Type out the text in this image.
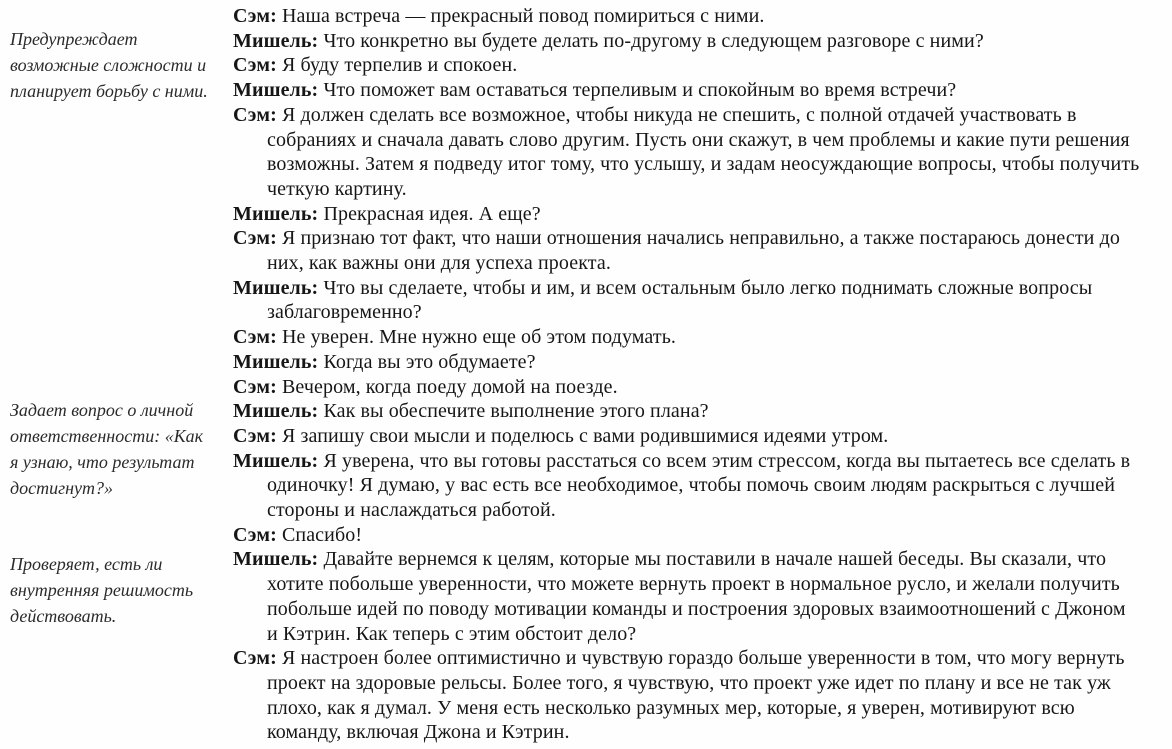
Предупреждает возможные сложности и планирует борьбу с ними.
Задает вопрос о личной ответственности: «Как я узнаю, что результат достигнут?»
Проверяет, есть ли внутренняя решимость действовать.

Сэм: Наша встреча — прекрасный повод помириться с ними.

Мишель: Что конкретно вы будете делать по-другому в следующем разговоре с ними?

Сэм: Я буду терпелив и спокоен.

Мишель: Что поможет вам оставаться терпеливым и спокойным во время встречи?

Сэм: Я должен сделать все возможное, чтобы никуда не спешить, с полной отдачей участвовать в собраниях и сначала давать слово другим. Пусть они скажут, в чем проблемы и какие пути решения возможны. Затем я подведу итог тому, что услышу, и задам неосуждающие вопросы, чтобы получить четкую картину.

Мишель: Прекрасная идея. А еще?

Сэм: Я признаю тот факт, что наши отношения начались неправильно, а также постараюсь донести до них, как важны они для успеха проекта.

Мишель: Что вы сделаете, чтобы и им, и всем остальным было легко поднимать сложные вопросы заблаговременно?

Сэм: Не уверен. Мне нужно еще об этом подумать.

Мишель: Когда вы это обдумаете?

Сэм: Вечером, когда поеду домой на поезде.

Мишель: Как вы обеспечите выполнение этого плана?

Сэм: Я запишу свои мысли и поделюсь с вами родившимися идеями утром.

Мишель: Я уверена, что вы готовы расстаться со всем этим стрессом, когда вы пытаетесь все сделать в одиночку! Я думаю, у вас есть все необходимое, чтобы помочь своим людям раскрыться с лучшей стороны и наслаждаться работой.

Сэм: Спасибо!

Мишель: Давайте вернемся к целям, которые мы поставили в начале нашей беседы. Вы сказали, что хотите побольше уверенности, что можете вернуть проект в нормальное русло, и желали получить побольше идей по поводу мотивации команды и построения здоровых взаимоотношений с Джоном и Кэтрин. Как теперь с этим обстоит дело?

Сэм: Я настроен более оптимистично и чувствую гораздо больше уверенности в том, что могу вернуть проект на здоровые рельсы. Более того, я чувствую, что проект уже идет по плану и все не так уж плохо, как я думал. У меня есть несколько разумных мер, которые, я уверен, мотивируют всю команду, включая Джона и Кэтрин.
